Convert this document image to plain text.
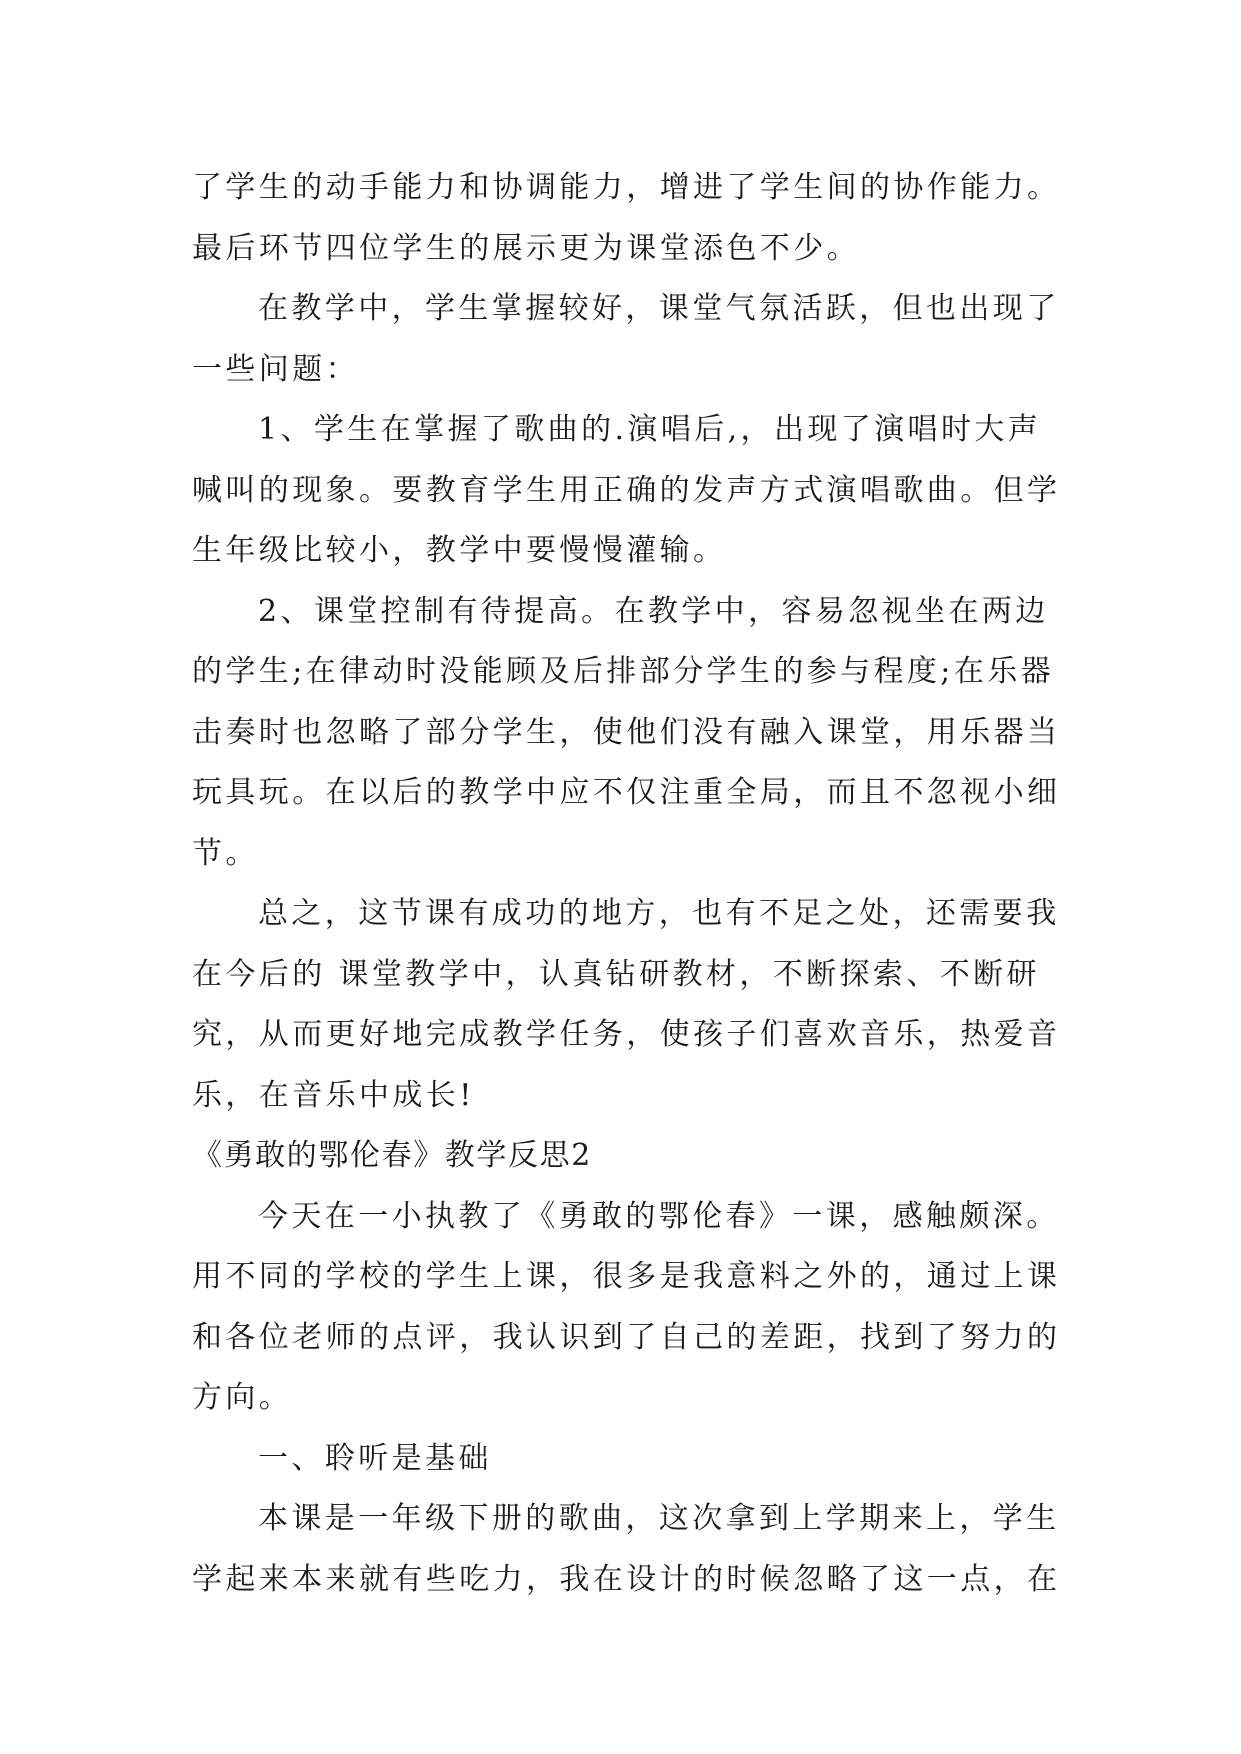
了学生的动手能力和协调能力，增进了学生间的协作能力。最后环节四位学生的展示更为课堂添色不少。

在教学中，学生掌握较好，课堂气氛活跃，但也出现了一些问题：

1、学生在掌握了歌曲的.演唱后,，出现了演唱时大声喊叫的现象。要教育学生用正确的发声方式演唱歌曲。但学生年级比较小，教学中要慢慢灌输。

2、课堂控制有待提高。在教学中，容易忽视坐在两边的学生;在律动时没能顾及后排部分学生的参与程度;在乐器击奏时也忽略了部分学生，使他们没有融入课堂，用乐器当玩具玩。在以后的教学中应不仅注重全局，而且不忽视小细节。

总之，这节课有成功的地方，也有不足之处，还需要我在今后的 课堂教学中，认真钻研教材，不断探索、不断研究，从而更好地完成教学任务，使孩子们喜欢音乐，热爱音乐，在音乐中成长!

《勇敢的鄂伦春》教学反思2

今天在一小执教了《勇敢的鄂伦春》一课，感触颇深。用不同的学校的学生上课，很多是我意料之外的，通过上课和各位老师的点评，我认识到了自己的差距，找到了努力的方向。

一、聆听是基础

本课是一年级下册的歌曲，这次拿到上学期来上，学生学起来本来就有些吃力，我在设计的时候忽略了这一点，在
